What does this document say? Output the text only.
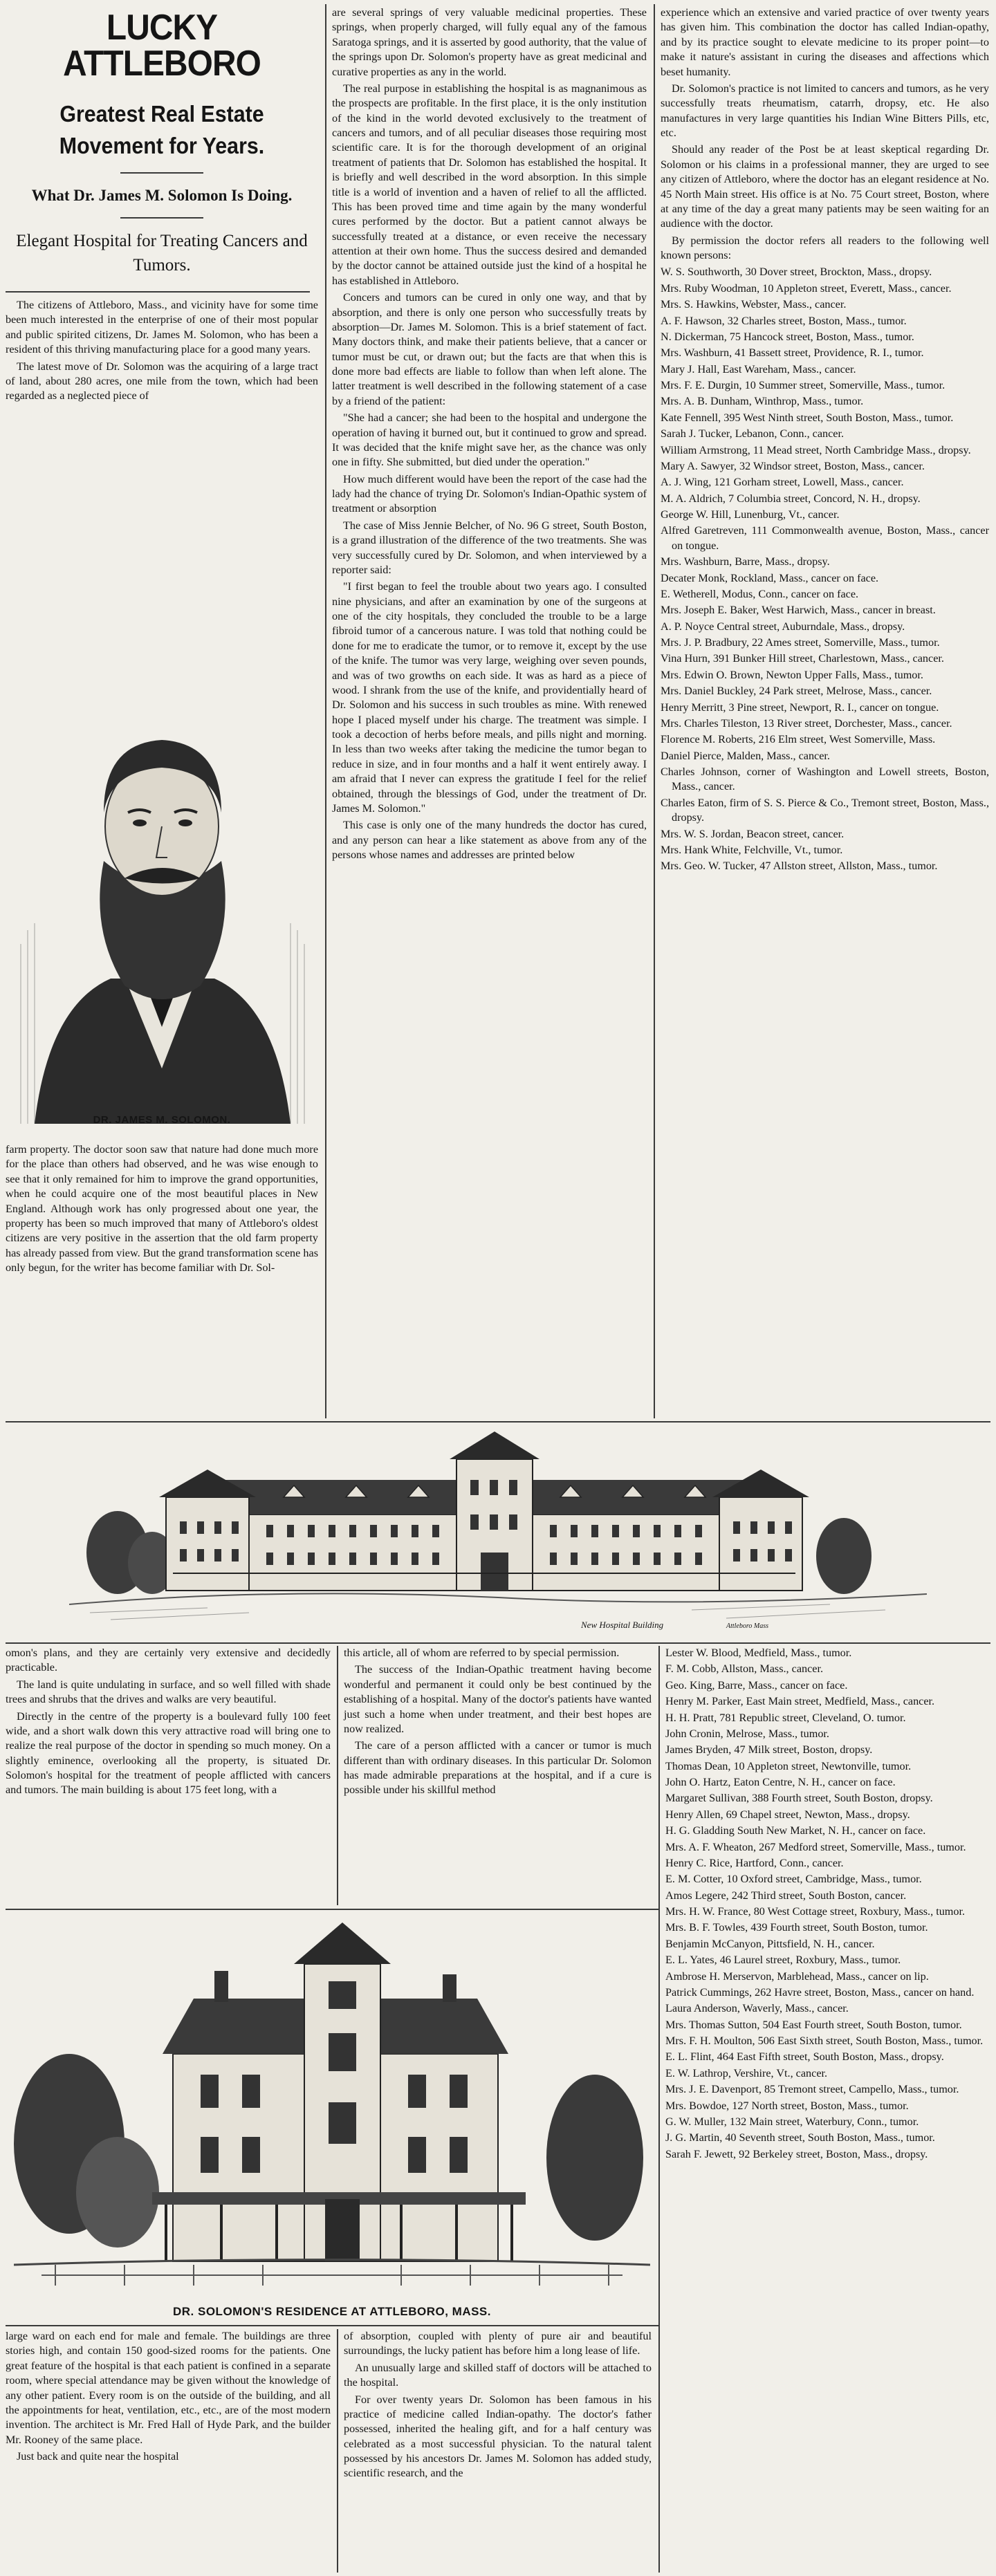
LUCKY ATTLEBORO
Greatest Real Estate Movement for Years.
What Dr. James M. Solomon Is Doing.
Elegant Hospital for Treating Cancers and Tumors.

The citizens of Attleboro, Mass., and vicinity have for some time been much interested in the enterprise of one of their most popular and public spirited citizens, Dr. James M. Solomon, who has been a resident of this thriving manufacturing place for a good many years.

The latest move of Dr. Solomon was the acquiring of a large tract of land, about 280 acres, one mile from the town, which had been regarded as a neglected piece of

DR. JAMES M. SOLOMON.

farm property. The doctor soon saw that nature had done much more for the place than others had observed, and he was wise enough to see that it only remained for him to improve the grand opportunities, when he could acquire one of the most beautiful places in New England. Although work has only progressed about one year, the property has been so much improved that many of Attleboro's oldest citizens are very positive in the assertion that the old farm property has already passed from view. But the grand transformation scene has only begun, for the writer has become familiar with Dr. Sol-

are several springs of very valuable medicinal properties. These springs, when properly charged, will fully equal any of the famous Saratoga springs, and it is asserted by good authority, that the value of the springs upon Dr. Solomon's property have as great medicinal and curative properties as any in the world.

The real purpose in establishing the hospital is as magnanimous as the prospects are profitable. In the first place, it is the only institution of the kind in the world devoted exclusively to the treatment of cancers and tumors, and of all peculiar diseases those requiring most scientific care. It is for the thorough development of an original treatment of patients that Dr. Solomon has established the hospital. It is briefly and well described in the word absorption. In this simple title is a world of invention and a haven of relief to all the afflicted. This has been proved time and time again by the many wonderful cures performed by the doctor. But a patient cannot always be successfully treated at a distance, or even receive the necessary attention at their own home. Thus the success desired and demanded by the doctor cannot be attained outside just the kind of a hospital he has established in Attleboro.

Concers and tumors can be cured in only one way, and that by absorption, and there is only one person who successfully treats by absorption—Dr. James M. Solomon. This is a brief statement of fact. Many doctors think, and make their patients believe, that a cancer or tumor must be cut, or drawn out; but the facts are that when this is done more bad effects are liable to follow than when left alone. The latter treatment is well described in the following statement of a case by a friend of the patient:

"She had a cancer; she had been to the hospital and undergone the operation of having it burned out, but it continued to grow and spread. It was decided that the knife might save her, as the chance was only one in fifty. She submitted, but died under the operation."

How much different would have been the report of the case had the lady had the chance of trying Dr. Solomon's Indian-Opathic system of treatment or absorption

The case of Miss Jennie Belcher, of No. 96 G street, South Boston, is a grand illustration of the difference of the two treatments. She was very successfully cured by Dr. Solomon, and when interviewed by a reporter said:

"I first began to feel the trouble about two years ago. I consulted nine physicians, and after an examination by one of the surgeons at one of the city hospitals, they concluded the trouble to be a large fibroid tumor of a cancerous nature. I was told that nothing could be done for me to eradicate the tumor, or to remove it, except by the use of the knife. The tumor was very large, weighing over seven pounds, and was of two growths on each side. It was as hard as a piece of wood. I shrank from the use of the knife, and providentially heard of Dr. Solomon and his success in such troubles as mine. With renewed hope I placed myself under his charge. The treatment was simple. I took a decoction of herbs before meals, and pills night and morning. In less than two weeks after taking the medicine the tumor began to reduce in size, and in four months and a half it went entirely away. I am afraid that I never can express the gratitude I feel for the relief obtained, through the blessings of God, under the treatment of Dr. James M. Solomon."

This case is only one of the many hundreds the doctor has cured, and any person can hear a like statement as above from any of the persons whose names and addresses are printed below

experience which an extensive and varied practice of over twenty years has given him. This combination the doctor has called Indian-opathy, and by its practice sought to elevate medicine to its proper point—to make it nature's assistant in curing the diseases and affections which beset humanity.

Dr. Solomon's practice is not limited to cancers and tumors, as he very successfully treats rheumatism, catarrh, dropsy, etc. He also manufactures in very large quantities his Indian Wine Bitters Pills, etc, etc.

Should any reader of the Post be at least skeptical regarding Dr. Solomon or his claims in a professional manner, they are urged to see any citizen of Attleboro, where the doctor has an elegant residence at No. 45 North Main street. His office is at No. 75 Court street, Boston, where at any time of the day a great many patients may be seen waiting for an audience with the doctor.

By permission the doctor refers all readers to the following well known persons:

W. S. Southworth, 30 Dover street, Brockton, Mass., dropsy.

Mrs. Ruby Woodman, 10 Appleton street, Everett, Mass., cancer.

Mrs. S. Hawkins, Webster, Mass., cancer.

A. F. Hawson, 32 Charles street, Boston, Mass., tumor.

N. Dickerman, 75 Hancock street, Boston, Mass., tumor.

Mrs. Washburn, 41 Bassett street, Providence, R. I., tumor.

Mary J. Hall, East Wareham, Mass., cancer.

Mrs. F. E. Durgin, 10 Summer street, Somerville, Mass., tumor.

Mrs. A. B. Dunham, Winthrop, Mass., tumor.

Kate Fennell, 395 West Ninth street, South Boston, Mass., tumor.

Sarah J. Tucker, Lebanon, Conn., cancer.

William Armstrong, 11 Mead street, North Cambridge Mass., dropsy.

Mary A. Sawyer, 32 Windsor street, Boston, Mass., cancer.

A. J. Wing, 121 Gorham street, Lowell, Mass., cancer.

M. A. Aldrich, 7 Columbia street, Concord, N. H., dropsy.

George W. Hill, Lunenburg, Vt., cancer.

Alfred Garetreven, 111 Commonwealth avenue, Boston, Mass., cancer on tongue.

Mrs. Washburn, Barre, Mass., dropsy.

Decater Monk, Rockland, Mass., cancer on face.

E. Wetherell, Modus, Conn., cancer on face.

Mrs. Joseph E. Baker, West Harwich, Mass., cancer in breast.

A. P. Noyce Central street, Auburndale, Mass., dropsy.

Mrs. J. P. Bradbury, 22 Ames street, Somerville, Mass., tumor.

Vina Hurn, 391 Bunker Hill street, Charlestown, Mass., cancer.

Mrs. Edwin O. Brown, Newton Upper Falls, Mass., tumor.

Mrs. Daniel Buckley, 24 Park street, Melrose, Mass., cancer.

Henry Merritt, 3 Pine street, Newport, R. I., cancer on tongue.

Mrs. Charles Tileston, 13 River street, Dorchester, Mass., cancer.

Florence M. Roberts, 216 Elm street, West Somerville, Mass.

Daniel Pierce, Malden, Mass., cancer.

Charles Johnson, corner of Washington and Lowell streets, Boston, Mass., cancer.

Charles Eaton, firm of S. S. Pierce & Co., Tremont street, Boston, Mass., dropsy.

Mrs. W. S. Jordan, Beacon street, cancer.

Mrs. Hank White, Felchville, Vt., tumor.

Mrs. Geo. W. Tucker, 47 Allston street, Allston, Mass., tumor.

New Hospital Building	Attleboro Mass

omon's plans, and they are certainly very extensive and decidedly practicable.

The land is quite undulating in surface, and so well filled with shade trees and shrubs that the drives and walks are very beautiful.

Directly in the centre of the property is a boulevard fully 100 feet wide, and a short walk down this very attractive road will bring one to realize the real purpose of the doctor in spending so much money. On a slightly eminence, overlooking all the property, is situated Dr. Solomon's hospital for the treatment of people afflicted with cancers and tumors. The main building is about 175 feet long, with a

this article, all of whom are referred to by special permission.

The success of the Indian-Opathic treatment having become wonderful and permanent it could only be best continued by the establishing of a hospital. Many of the doctor's patients have wanted just such a home when under treatment, and their best hopes are now realized.

The care of a person afflicted with a cancer or tumor is much different than with ordinary diseases. In this particular Dr. Solomon has made admirable preparations at the hospital, and if a cure is possible under his skillful method

Lester W. Blood, Medfield, Mass., tumor.

F. M. Cobb, Allston, Mass., cancer.

Geo. King, Barre, Mass., cancer on face.

Henry M. Parker, East Main street, Medfield, Mass., cancer.

H. H. Pratt, 781 Republic street, Cleveland, O. tumor.

John Cronin, Melrose, Mass., tumor.

James Bryden, 47 Milk street, Boston, dropsy.

Thomas Dean, 10 Appleton street, Newtonville, tumor.

John O. Hartz, Eaton Centre, N. H., cancer on face.

Margaret Sullivan, 388 Fourth street, South Boston, dropsy.

Henry Allen, 69 Chapel street, Newton, Mass., dropsy.

H. G. Gladding South New Market, N. H., cancer on face.

Mrs. A. F. Wheaton, 267 Medford street, Somerville, Mass., tumor.

Henry C. Rice, Hartford, Conn., cancer.

E. M. Cotter, 10 Oxford street, Cambridge, Mass., tumor.

Amos Legere, 242 Third street, South Boston, cancer.

Mrs. H. W. France, 80 West Cottage street, Roxbury, Mass., tumor.

Mrs. B. F. Towles, 439 Fourth street, South Boston, tumor.

Benjamin McCanyon, Pittsfield, N. H., cancer.

E. L. Yates, 46 Laurel street, Roxbury, Mass., tumor.

Ambrose H. Merservon, Marblehead, Mass., cancer on lip.

Patrick Cummings, 262 Havre street, Boston, Mass., cancer on hand.

Laura Anderson, Waverly, Mass., cancer.

Mrs. Thomas Sutton, 504 East Fourth street, South Boston, tumor.

Mrs. F. H. Moulton, 506 East Sixth street, South Boston, Mass., tumor.

E. L. Flint, 464 East Fifth street, South Boston, Mass., dropsy.

E. W. Lathrop, Vershire, Vt., cancer.

Mrs. J. E. Davenport, 85 Tremont street, Campello, Mass., tumor.

Mrs. Bowdoe, 127 North street, Boston, Mass., tumor.

G. W. Muller, 132 Main street, Waterbury, Conn., tumor.

J. G. Martin, 40 Seventh street, South Boston, Mass., tumor.

Sarah F. Jewett, 92 Berkeley street, Boston, Mass., dropsy.

DR. SOLOMON'S RESIDENCE AT ATTLEBORO, MASS.

large ward on each end for male and female. The buildings are three stories high, and contain 150 good-sized rooms for the patients. One great feature of the hospital is that each patient is confined in a separate room, where special attendance may be given without the knowledge of any other patient. Every room is on the outside of the building, and all the appointments for heat, ventilation, etc., etc., are of the most modern invention. The architect is Mr. Fred Hall of Hyde Park, and the builder Mr. Rooney of the same place.

Just back and quite near the hospital

of absorption, coupled with plenty of pure air and beautiful surroundings, the lucky patient has before him a long lease of life.

An unusually large and skilled staff of doctors will be attached to the hospital.

For over twenty years Dr. Solomon has been famous in his practice of medicine called Indian-opathy. The doctor's father possessed, inherited the healing gift, and for a half century was celebrated as a most successful physician. To the natural talent possessed by his ancestors Dr. James M. Solomon has added study, scientific research, and the
